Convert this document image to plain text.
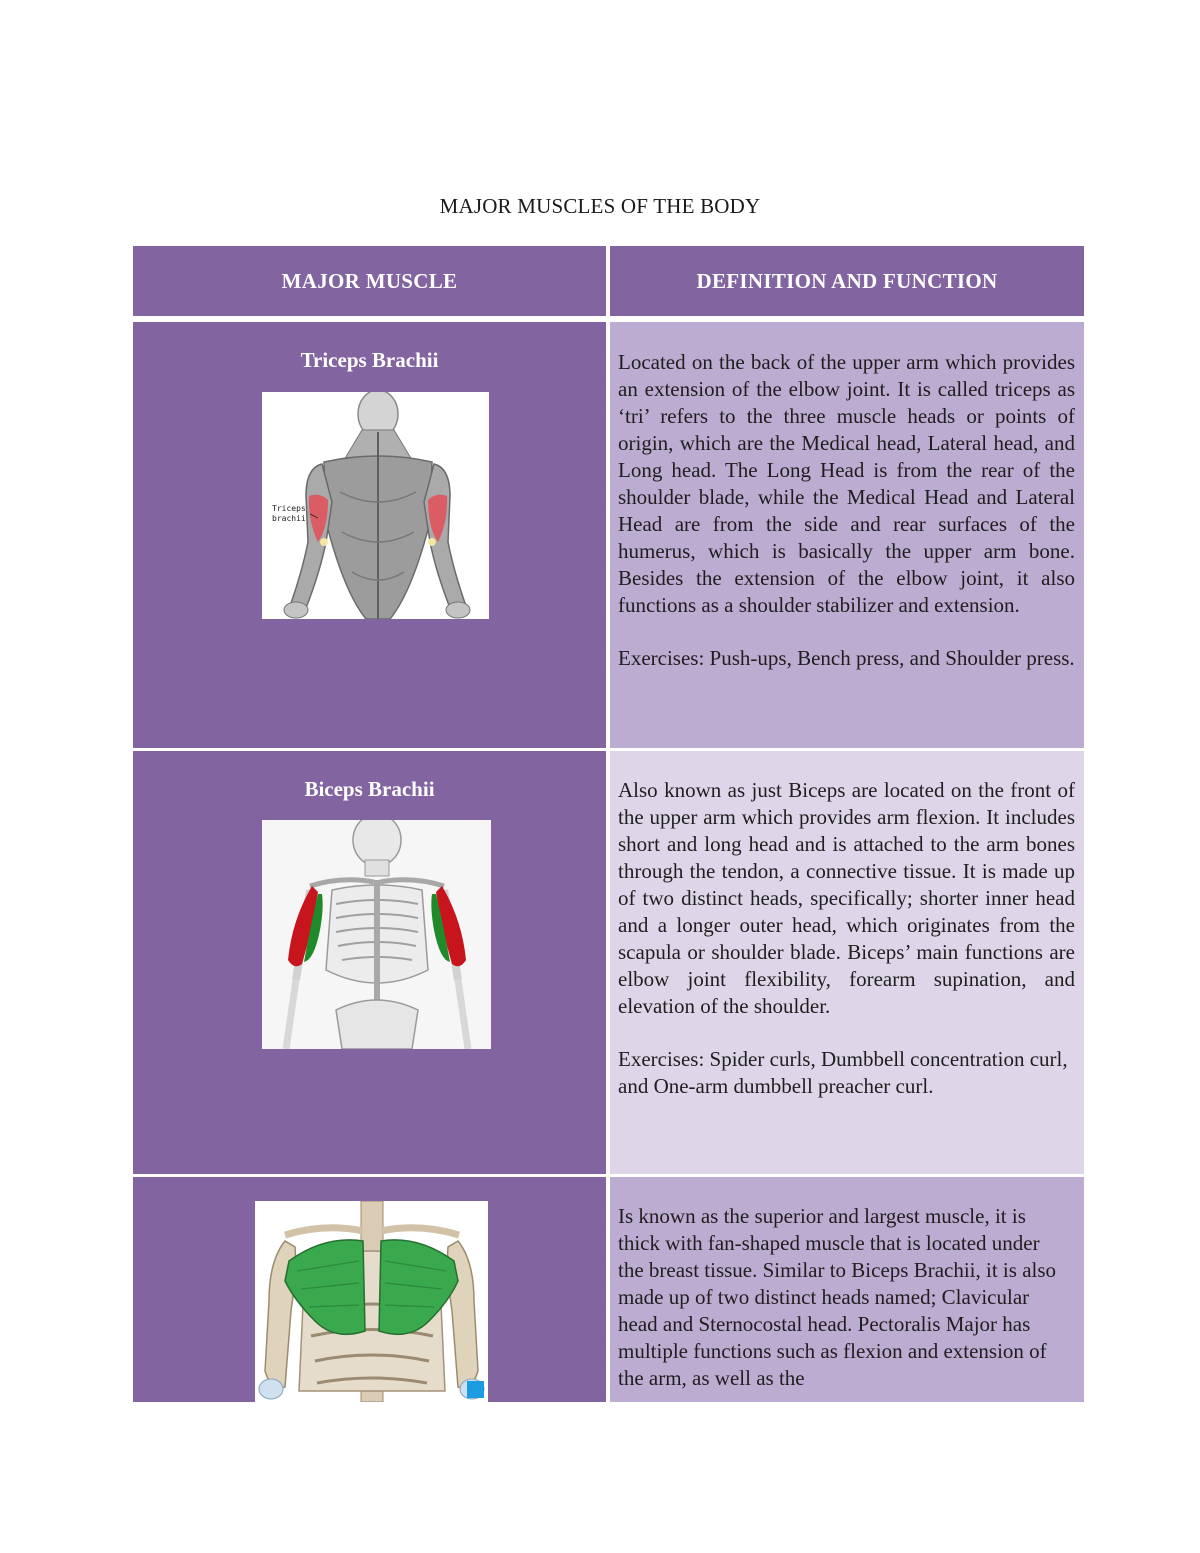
MAJOR MUSCLES OF THE BODY
MAJOR MUSCLE	DEFINITION AND FUNCTION
Triceps Brachii
Triceps
brachii

Located on the back of the upper arm which provides an extension of the elbow joint. It is called triceps as ‘tri’ refers to the three muscle heads or points of origin, which are the Medical head, Lateral head, and Long head. The Long Head is from the rear of the shoulder blade, while the Medical Head and Lateral Head are from the side and rear surfaces of the humerus, which is basically the upper arm bone. Besides the extension of the elbow joint, it also functions as a shoulder stabilizer and extension.

Exercises: Push-ups, Bench press, and Shoulder press.

Biceps Brachii	Also known as just Biceps are located on the front of the upper arm which provides arm flexion. It includes short and long head and is attached to the arm bones through the tendon, a connective tissue. It is made up of two distinct heads, specifically; shorter inner head and a longer outer head, which originates from the scapula or shoulder blade. Biceps’ main functions are elbow joint flexibility, forearm supination, and elevation of the shoulder.

Exercises: Spider curls, Dumbbell concentration curl, and One-arm dumbbell preacher curl.

Is known as the superior and largest muscle, it is thick with fan-shaped muscle that is located under the breast tissue. Similar to Biceps Brachii, it is also made up of two distinct heads named; Clavicular head and Sternocostal head. Pectoralis Major has multiple functions such as flexion and extension of the arm, as well as the
